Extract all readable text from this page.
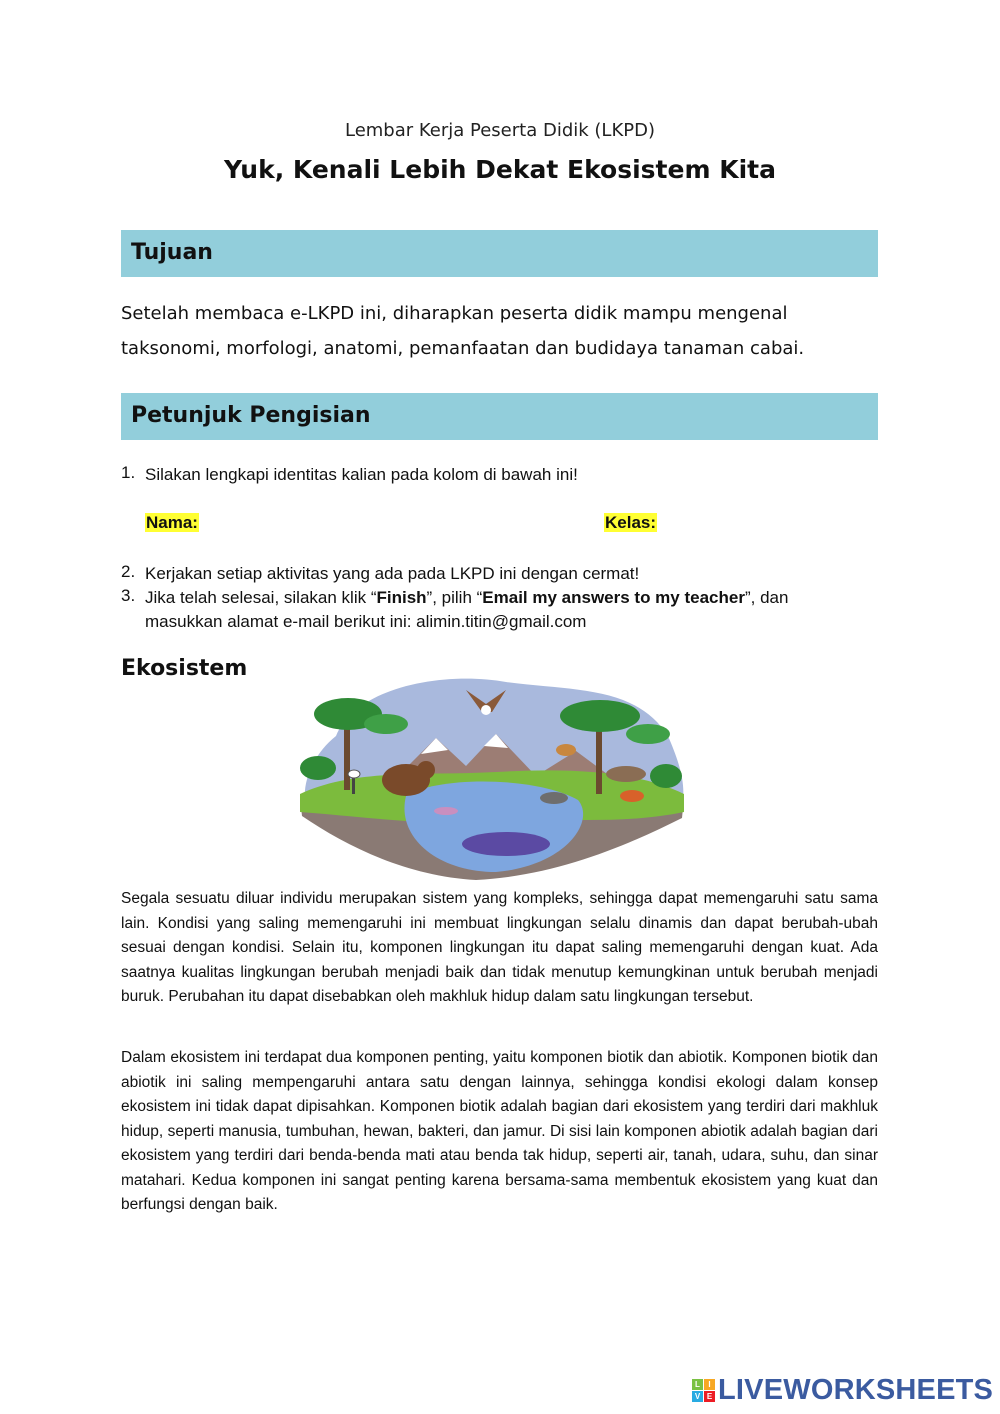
Lembar Kerja Peserta Didik (LKPD)
Yuk, Kenali Lebih Dekat Ekosistem Kita
Tujuan
Setelah membaca e-LKPD ini, diharapkan peserta didik mampu mengenal taksonomi, morfologi, anatomi, pemanfaatan dan budidaya tanaman cabai.
Petunjuk Pengisian
1. Silakan lengkapi identitas kalian pada kolom di bawah ini!
Nama:	Kelas:
2. Kerjakan setiap aktivitas yang ada pada LKPD ini dengan cermat!
3. Jika telah selesai, silakan klik “Finish”, pilih “Email my answers to my teacher”, dan masukkan alamat e-mail berikut ini: alimin.titin@gmail.com
Ekosistem
Segala sesuatu diluar individu merupakan sistem yang kompleks, sehingga dapat memengaruhi satu sama lain. Kondisi yang saling memengaruhi ini membuat lingkungan selalu dinamis dan dapat berubah-ubah sesuai dengan kondisi. Selain itu, komponen lingkungan itu dapat saling memengaruhi dengan kuat. Ada saatnya kualitas lingkungan berubah menjadi baik dan tidak menutup kemungkinan untuk berubah menjadi buruk. Perubahan itu dapat disebabkan oleh makhluk hidup dalam satu lingkungan tersebut.
Dalam ekosistem ini terdapat dua komponen penting, yaitu komponen biotik dan abiotik. Komponen biotik dan abiotik ini saling mempengaruhi antara satu dengan lainnya, sehingga kondisi ekologi dalam konsep ekosistem ini tidak dapat dipisahkan. Komponen biotik adalah bagian dari ekosistem yang terdiri dari makhluk hidup, seperti manusia, tumbuhan, hewan, bakteri, dan jamur. Di sisi lain komponen abiotik adalah bagian dari ekosistem yang terdiri dari benda-benda mati atau benda tak hidup, seperti air, tanah, udara, suhu, dan sinar matahari. Kedua komponen ini sangat penting karena bersama-sama membentuk ekosistem yang kuat dan berfungsi dengan baik.
L	I
V E LIVEWORKSHEETS
